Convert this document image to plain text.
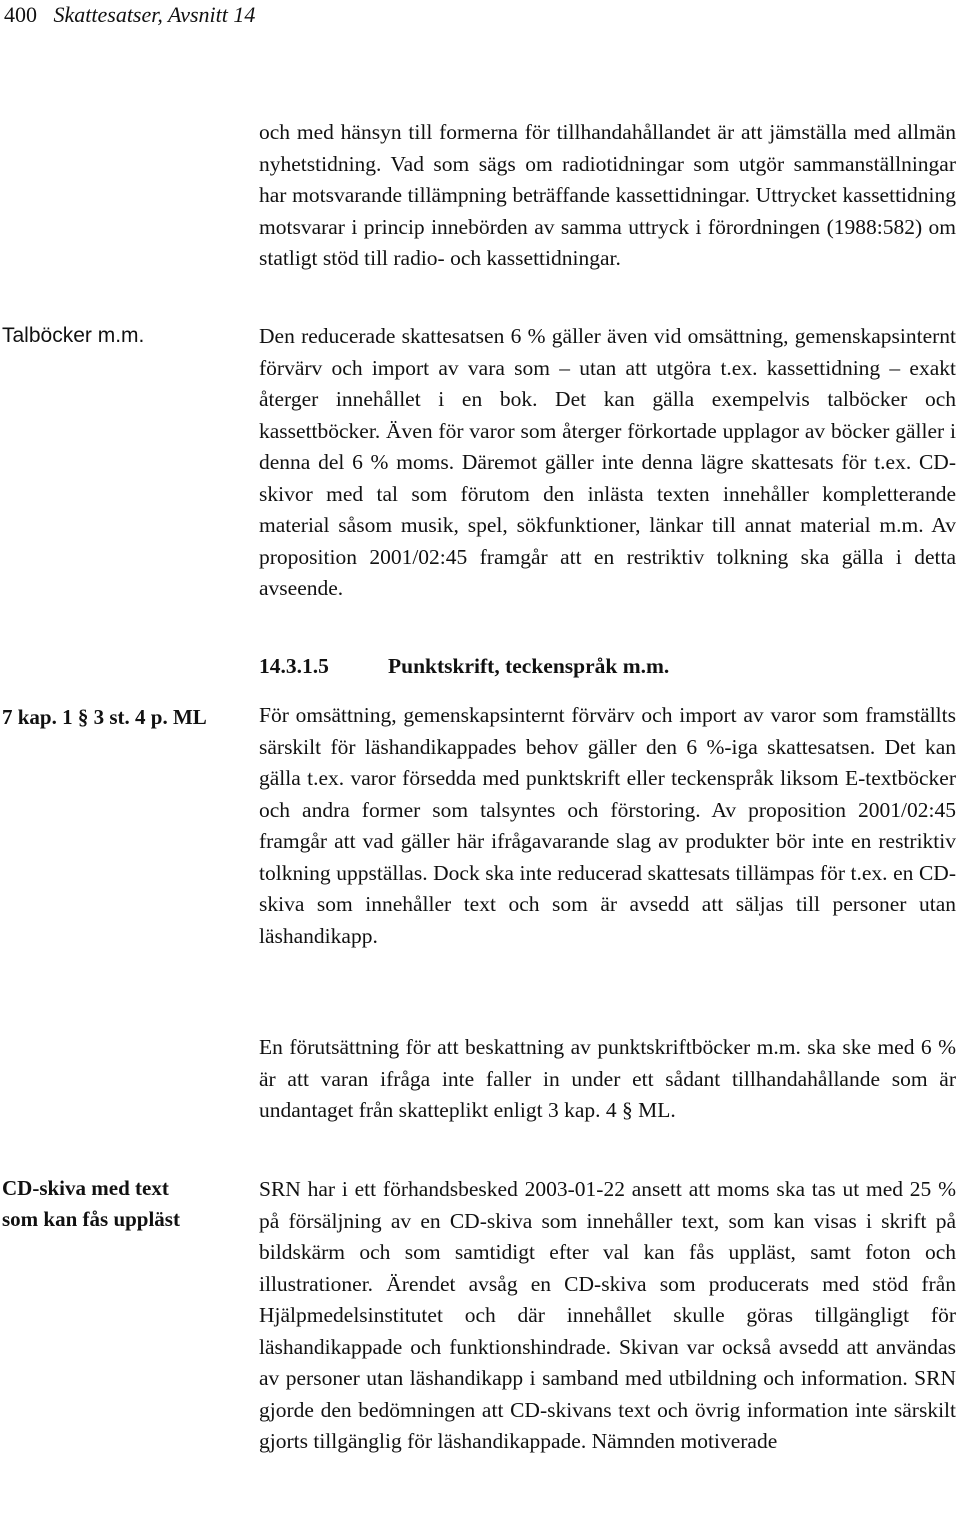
400 Skattesatser, Avsnitt 14
och med hänsyn till formerna för tillhandahållandet är att jämställa med allmän nyhetstidning. Vad som sägs om radiotidningar som utgör sammanställningar har motsvarande tillämpning beträffande kassettidningar. Uttrycket kassettidning motsvarar i princip innebörden av samma uttryck i förordningen (1988:582) om statligt stöd till radio- och kassettidningar.
Talböcker m.m.	Den reducerade skattesatsen 6 % gäller även vid omsättning, gemenskapsinternt förvärv och import av vara som – utan att utgöra t.ex. kassettidning – exakt återger innehållet i en bok. Det kan gälla exempelvis talböcker och kassettböcker. Även för varor som återger förkortade upplagor av böcker gäller i denna del 6 % moms. Däremot gäller inte denna lägre skattesats för t.ex. CD-skivor med tal som förutom den inlästa texten innehåller kompletterande material såsom musik, spel, sökfunktioner, länkar till annat material m.m. Av proposition 2001/02:45 framgår att en restriktiv tolkning ska gälla i detta avseende.
14.3.1.5	Punktskrift, teckenspråk m.m.
7 kap. 1 § 3 st. 4 p. ML	För omsättning, gemenskapsinternt förvärv och import av varor som framställts särskilt för läshandikappades behov gäller den 6 %-iga skattesatsen. Det kan gälla t.ex. varor försedda med punktskrift eller teckenspråk liksom E-textböcker och andra former som talsyntes och förstoring. Av proposition 2001/02:45 framgår att vad gäller här ifrågavarande slag av produkter bör inte en restriktiv tolkning uppställas. Dock ska inte reducerad skattesats tillämpas för t.ex. en CD-skiva som innehåller text och som är avsedd att säljas till personer utan läshandikapp.
En förutsättning för att beskattning av punktskriftböcker m.m. ska ske med 6 % är att varan ifråga inte faller in under ett sådant tillhandahållande som är undantaget från skatteplikt enligt 3 kap. 4 § ML.
CD-skiva med text som kan fås uppläst
SRN har i ett förhandsbesked 2003-01-22 ansett att moms ska tas ut med 25 % på försäljning av en CD-skiva som innehåller text, som kan visas i skrift på bildskärm och som samtidigt efter val kan fås uppläst, samt foton och illustrationer. Ärendet avsåg en CD-skiva som producerats med stöd från Hjälpmedelsinstitutet och där innehållet skulle göras tillgängligt för läshandikappade och funktionshindrade. Skivan var också avsedd att användas av personer utan läshandikapp i samband med utbildning och information. SRN gjorde den bedömningen att CD-skivans text och övrig information inte särskilt gjorts tillgänglig för läshandikappade. Nämnden motiverade
